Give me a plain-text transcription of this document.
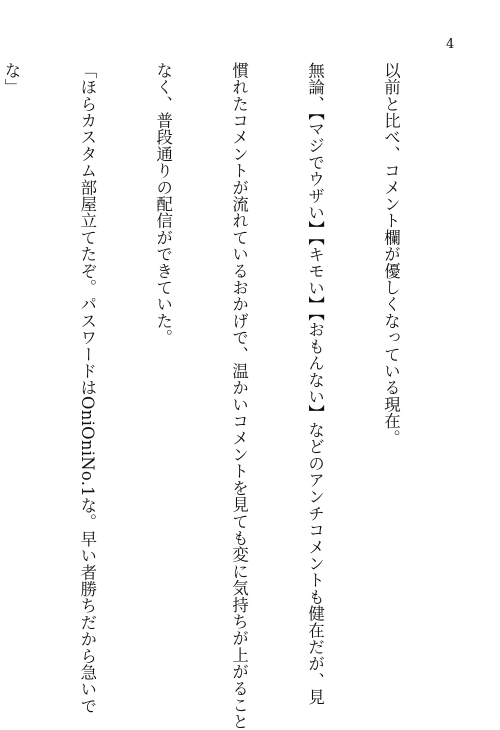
4

以前と比べ、コメント欄が優しくなっている現在。

無論、【マジでウザい】【キモい】【おもんない】などのアンチコメントも健在だが、見

慣れたコメントが流れているおかげで、温かいコメントを見ても変に気持ちが上がること

なく、普段通りの配信ができていた。

「ほらカスタム部屋立てたぞ。パスワードはOniOniNo.1な。早い者勝ちだから急いで

な」
